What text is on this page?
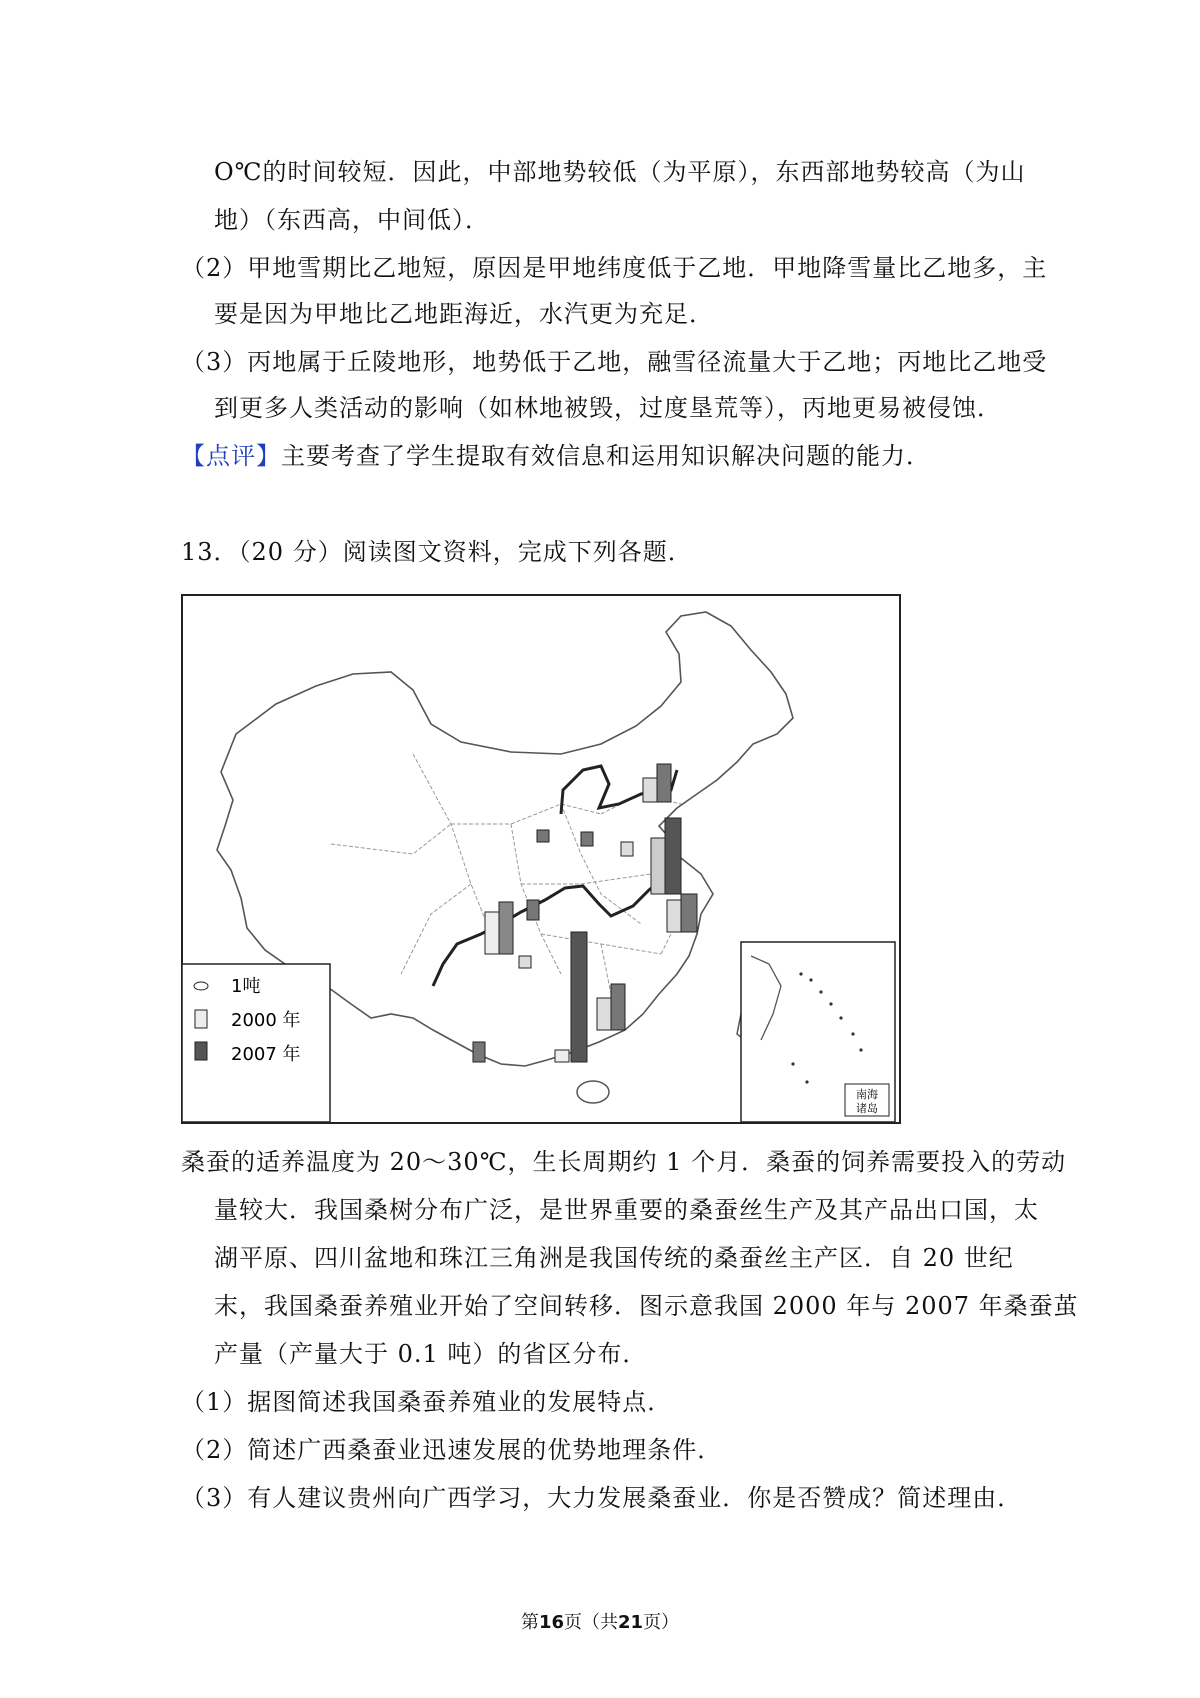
O℃的时间较短．因此，中部地势较低（为平原），东西部地势较高（为山
地）（东西高，中间低）．
（2）甲地雪期比乙地短，原因是甲地纬度低于乙地．甲地降雪量比乙地多，主
要是因为甲地比乙地距海近，水汽更为充足．
（3）丙地属于丘陵地形，地势低于乙地，融雪径流量大于乙地；丙地比乙地受
到更多人类活动的影响（如林地被毁，过度垦荒等），丙地更易被侵蚀．
【点评】主要考查了学生提取有效信息和运用知识解决问题的能力．
13．（20 分）阅读图文资料，完成下列各题．
南海
诸岛
1吨
2000 年
2007 年
桑蚕的适养温度为 20～30℃，生长周期约 1 个月．桑蚕的饲养需要投入的劳动
量较大．我国桑树分布广泛，是世界重要的桑蚕丝生产及其产品出口国，太
湖平原、四川盆地和珠江三角洲是我国传统的桑蚕丝主产区．自 20 世纪
末，我国桑蚕养殖业开始了空间转移．图示意我国 2000 年与 2007 年桑蚕茧
产量（产量大于 0.1 吨）的省区分布．
（1）据图简述我国桑蚕养殖业的发展特点．
（2）简述广西桑蚕业迅速发展的优势地理条件．
（3）有人建议贵州向广西学习，大力发展桑蚕业．你是否赞成？简述理由．
第16页（共21页）
